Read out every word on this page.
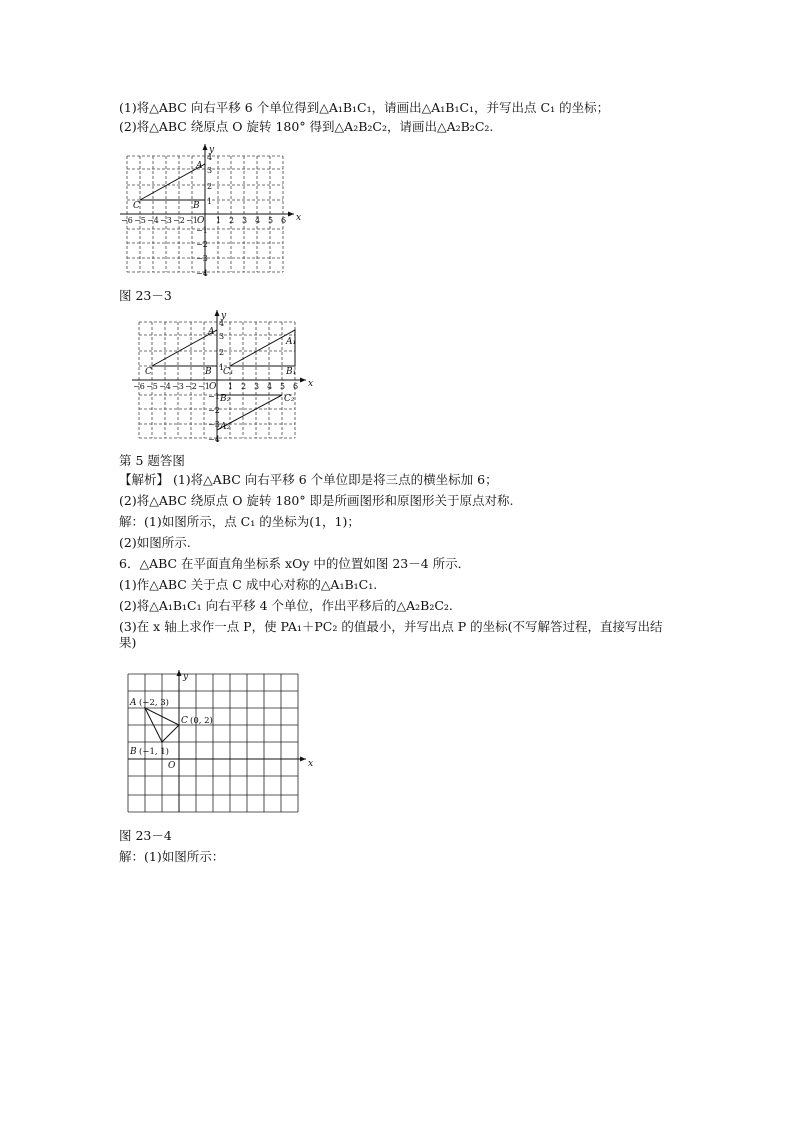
(1)将△ABC 向右平移 6 个单位得到△A₁B₁C₁，请画出△A₁B₁C₁，并写出点 C₁ 的坐标；
(2)将△ABC 绕原点 O 旋转 180° 得到△A₂B₂C₂，请画出△A₂B₂C₂.
x
y
O
C	B
A
−6 −5 −4 −3 −2 −1 1 2 3 4 5 6
4
3
2
1
−1
−2
−3
−4
图 23－3
x
y
O
C	B
A
C₁	B₁
A₁
B₂	C₂
A₂
−6 −5 −4 −3 −2 −1 1 2 3 4 5 6
4
3
2
1
−1
−2
−3
−4
第 5 题答图
【解析】 (1)将△ABC 向右平移 6 个单位即是将三点的横坐标加 6；
(2)将△ABC 绕原点 O 旋转 180° 即是所画图形和原图形关于原点对称.
解：(1)如图所示，点 C₁ 的坐标为(1，1)；
(2)如图所示.
6．△ABC 在平面直角坐标系 xOy 中的位置如图 23－4 所示．
(1)作△ABC 关于点 C 成中心对称的△A₁B₁C₁.
(2)将△A₁B₁C₁ 向右平移 4 个单位，作出平移后的△A₂B₂C₂.
(3)在 x 轴上求作一点 P，使 PA₁＋PC₂ 的值最小，并写出点 P 的坐标(不写解答过程，直接写出结果)
x
y
O
A (−2, 3)
B (−1, 1)
C (0, 2)
图 23－4
解：(1)如图所示：
